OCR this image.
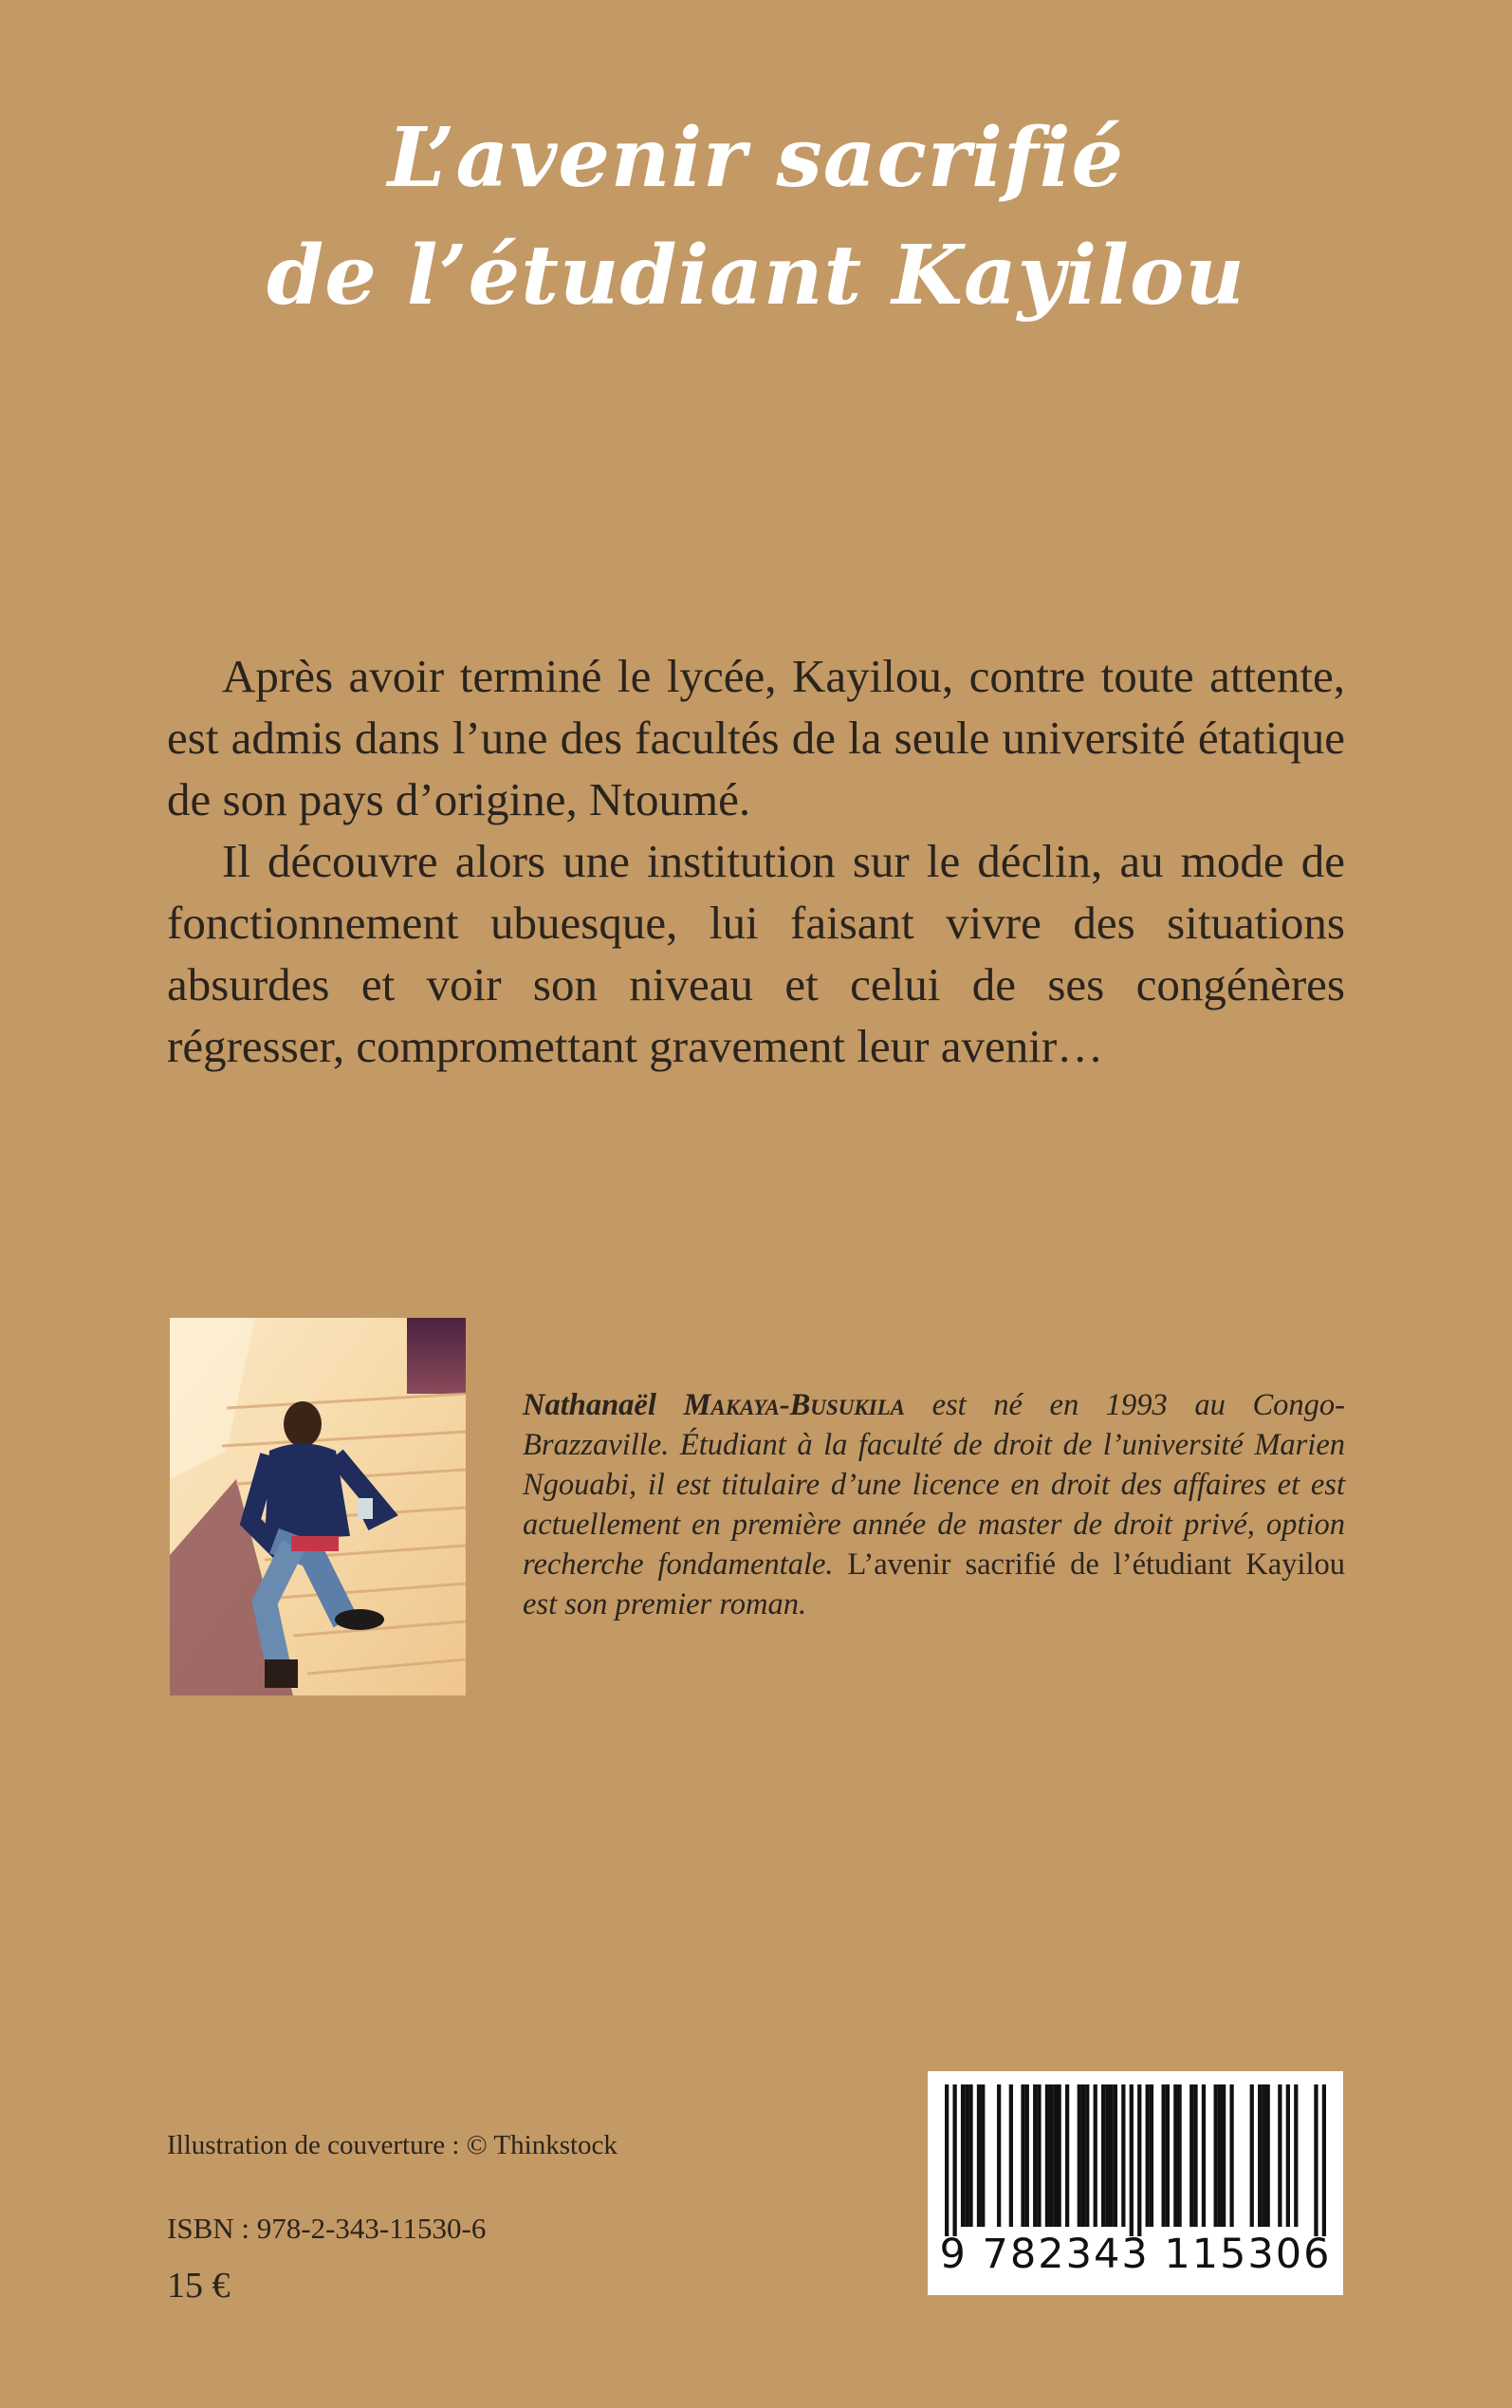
L’avenir sacrifié
de l’étudiant Kayilou

Après avoir terminé le lycée, Kayilou, contre toute attente, est admis dans l’une des facultés de la seule université étatique de son pays d’origine, Ntoumé.

Il découvre alors une institution sur le déclin, au mode de fonctionnement ubuesque, lui faisant vivre des situations absurdes et voir son niveau et celui de ses congénères régresser, compromettant gravement leur avenir…

Nathanaël Makaya-Busukila est né en 1993 au Congo-Brazzaville. Étudiant à la faculté de droit de l’université Marien Ngouabi, il est titulaire d’une licence en droit des affaires et est actuellement en première année de master de droit privé, option recherche fondamentale. L’avenir sacrifié de l’étudiant Kayilou est son premier roman.
Illustration de couverture : © Thinkstock
ISBN : 978-2-343-11530-6
15 €
9 782343 115306
